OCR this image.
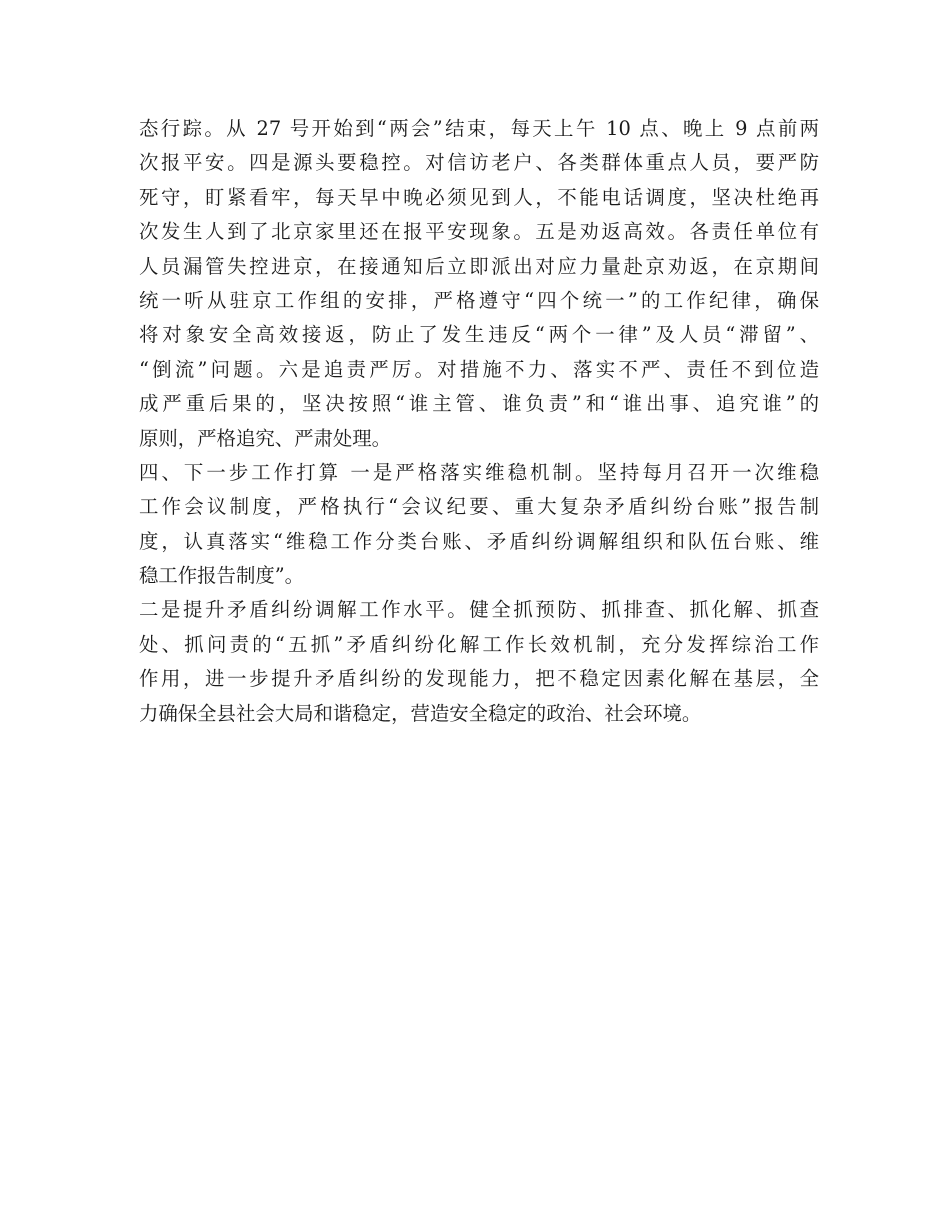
态行踪。从 27 号开始到“两会”结束，每天上午 10 点、晚上 9 点前两
次报平安。四是源头要稳控。对信访老户、各类群体重点人员，要严防
死守，盯紧看牢，每天早中晚必须见到人，不能电话调度，坚决杜绝再
次发生人到了北京家里还在报平安现象。五是劝返高效。各责任单位有
人员漏管失控进京，在接通知后立即派出对应力量赴京劝返，在京期间
统一听从驻京工作组的安排，严格遵守“四个统一”的工作纪律，确保
将对象安全高效接返，防止了发生违反“两个一律”及人员“滞留”、
“倒流”问题。六是追责严厉。对措施不力、落实不严、责任不到位造
成严重后果的，坚决按照“谁主管、谁负责”和“谁出事、追究谁”的
原则，严格追究、严肃处理。
四、下一步工作打算 一是严格落实维稳机制。坚持每月召开一次维稳
工作会议制度，严格执行“会议纪要、重大复杂矛盾纠纷台账”报告制
度，认真落实“维稳工作分类台账、矛盾纠纷调解组织和队伍台账、维
稳工作报告制度”。
二是提升矛盾纠纷调解工作水平。健全抓预防、抓排查、抓化解、抓查
处、抓问责的“五抓”矛盾纠纷化解工作长效机制，充分发挥综治工作
作用，进一步提升矛盾纠纷的发现能力，把不稳定因素化解在基层，全
力确保全县社会大局和谐稳定，营造安全稳定的政治、社会环境。
